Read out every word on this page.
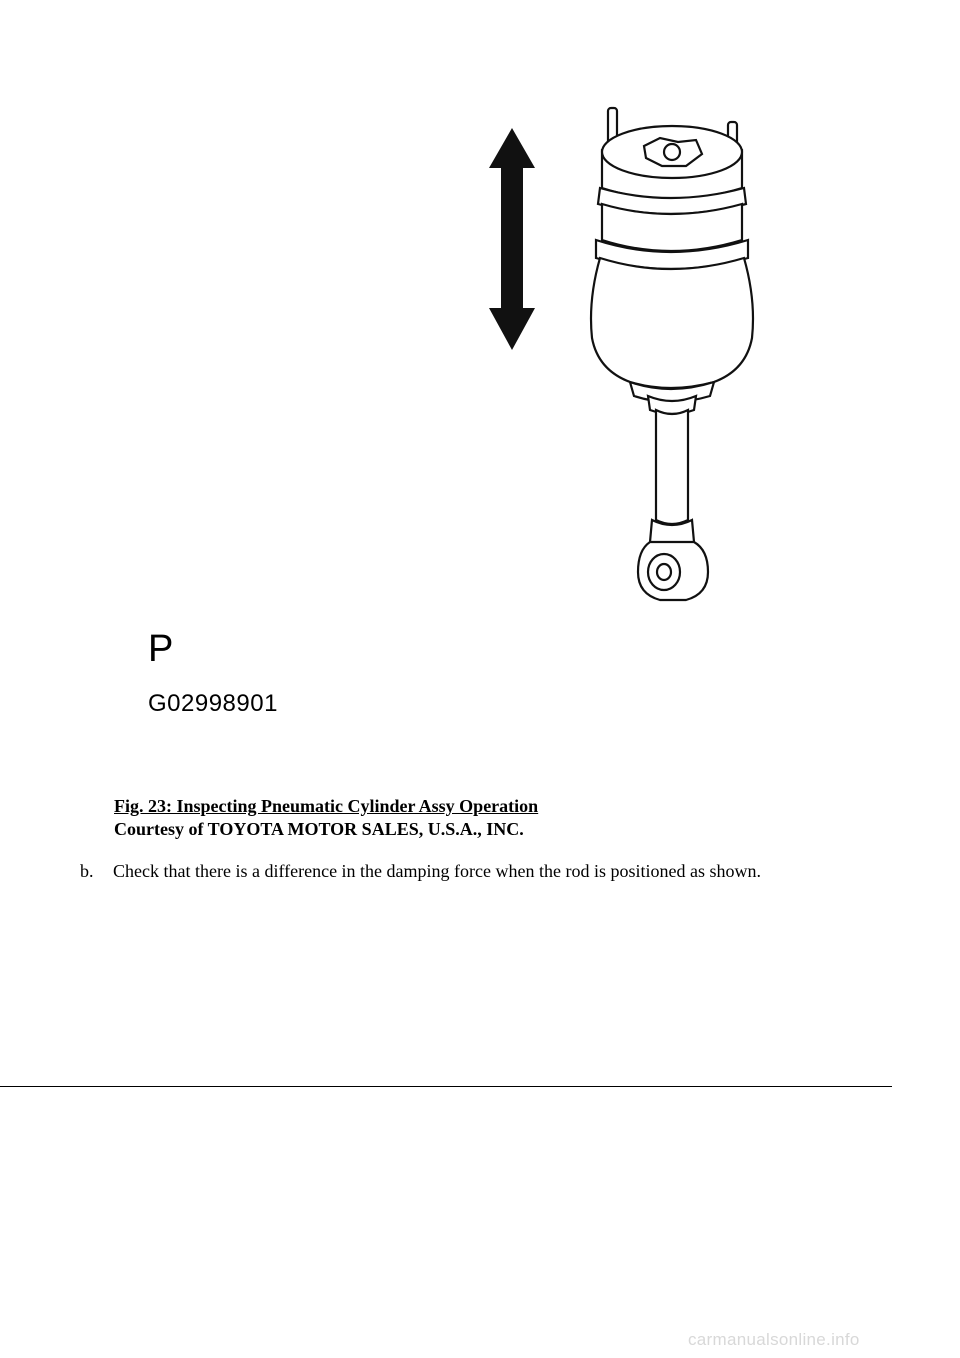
P
G02998901
Fig. 23: Inspecting Pneumatic Cylinder Assy Operation
Courtesy of TOYOTA MOTOR SALES, U.S.A., INC.
b. Check that there is a difference in the damping force when the rod is positioned as shown.
carmanualsonline.info
